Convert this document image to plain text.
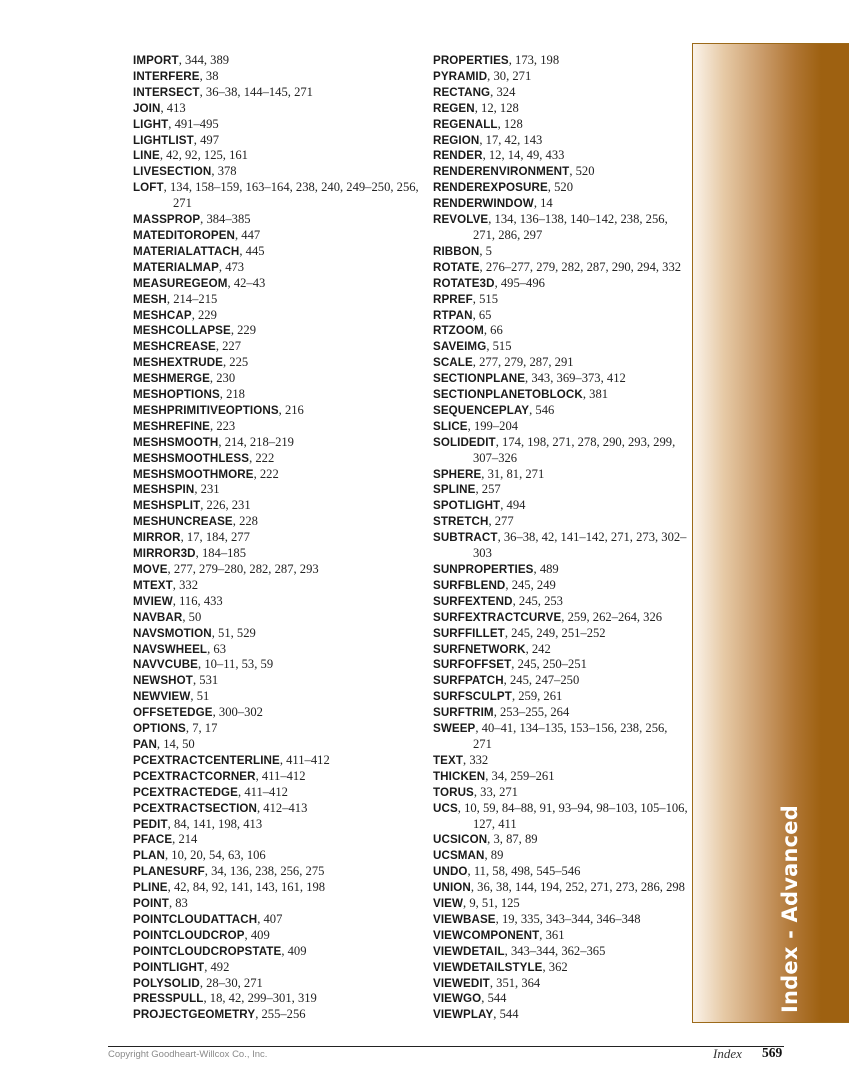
IMPORT, 344, 389
INTERFERE, 38
INTERSECT, 36–38, 144–145, 271
JOIN, 413
LIGHT, 491–495
LIGHTLIST, 497
LINE, 42, 92, 125, 161
LIVESECTION, 378
LOFT, 134, 158–159, 163–164, 238, 240, 249–250, 256, 271
MASSPROP, 384–385
MATEDITOROPEN, 447
MATERIALATTACH, 445
MATERIALMAP, 473
MEASUREGEOM, 42–43
MESH, 214–215
MESHCAP, 229
MESHCOLLAPSE, 229
MESHCREASE, 227
MESHEXTRUDE, 225
MESHMERGE, 230
MESHOPTIONS, 218
MESHPRIMITIVEOPTIONS, 216
MESHREFINE, 223
MESHSMOOTH, 214, 218–219
MESHSMOOTHLESS, 222
MESHSMOOTHMORE, 222
MESHSPIN, 231
MESHSPLIT, 226, 231
MESHUNCREASE, 228
MIRROR, 17, 184, 277
MIRROR3D, 184–185
MOVE, 277, 279–280, 282, 287, 293
MTEXT, 332
MVIEW, 116, 433
NAVBAR, 50
NAVSMOTION, 51, 529
NAVSWHEEL, 63
NAVVCUBE, 10–11, 53, 59
NEWSHOT, 531
NEWVIEW, 51
OFFSETEDGE, 300–302
OPTIONS, 7, 17
PAN, 14, 50
PCEXTRACTCENTERLINE, 411–412
PCEXTRACTCORNER, 411–412
PCEXTRACTEDGE, 411–412
PCEXTRACTSECTION, 412–413
PEDIT, 84, 141, 198, 413
PFACE, 214
PLAN, 10, 20, 54, 63, 106
PLANESURF, 34, 136, 238, 256, 275
PLINE, 42, 84, 92, 141, 143, 161, 198
POINT, 83
POINTCLOUDATTACH, 407
POINTCLOUDCROP, 409
POINTCLOUDCROPSTATE, 409
POINTLIGHT, 492
POLYSOLID, 28–30, 271
PRESSPULL, 18, 42, 299–301, 319
PROJECTGEOMETRY, 255–256
PROPERTIES, 173, 198
PYRAMID, 30, 271
RECTANG, 324
REGEN, 12, 128
REGENALL, 128
REGION, 17, 42, 143
RENDER, 12, 14, 49, 433
RENDERENVIRONMENT, 520
RENDEREXPOSURE, 520
RENDERWINDOW, 14
REVOLVE, 134, 136–138, 140–142, 238, 256, 271, 286, 297
RIBBON, 5
ROTATE, 276–277, 279, 282, 287, 290, 294, 332
ROTATE3D, 495–496
RPREF, 515
RTPAN, 65
RTZOOM, 66
SAVEIMG, 515
SCALE, 277, 279, 287, 291
SECTIONPLANE, 343, 369–373, 412
SECTIONPLANETOBLOCK, 381
SEQUENCEPLAY, 546
SLICE, 199–204
SOLIDEDIT, 174, 198, 271, 278, 290, 293, 299, 307–326
SPHERE, 31, 81, 271
SPLINE, 257
SPOTLIGHT, 494
STRETCH, 277
SUBTRACT, 36–38, 42, 141–142, 271, 273, 302–303
SUNPROPERTIES, 489
SURFBLEND, 245, 249
SURFEXTEND, 245, 253
SURFEXTRACTCURVE, 259, 262–264, 326
SURFFILLET, 245, 249, 251–252
SURFNETWORK, 242
SURFOFFSET, 245, 250–251
SURFPATCH, 245, 247–250
SURFSCULPT, 259, 261
SURFTRIM, 253–255, 264
SWEEP, 40–41, 134–135, 153–156, 238, 256, 271
TEXT, 332
THICKEN, 34, 259–261
TORUS, 33, 271
UCS, 10, 59, 84–88, 91, 93–94, 98–103, 105–106, 127, 411
UCSICON, 3, 87, 89
UCSMAN, 89
UNDO, 11, 58, 498, 545–546
UNION, 36, 38, 144, 194, 252, 271, 273, 286, 298
VIEW, 9, 51, 125
VIEWBASE, 19, 335, 343–344, 346–348
VIEWCOMPONENT, 361
VIEWDETAIL, 343–344, 362–365
VIEWDETAILSTYLE, 362
VIEWEDIT, 351, 364
VIEWGO, 544
VIEWPLAY, 544
Index - Advanced
Copyright Goodheart-Willcox Co., Inc.	Index 569
